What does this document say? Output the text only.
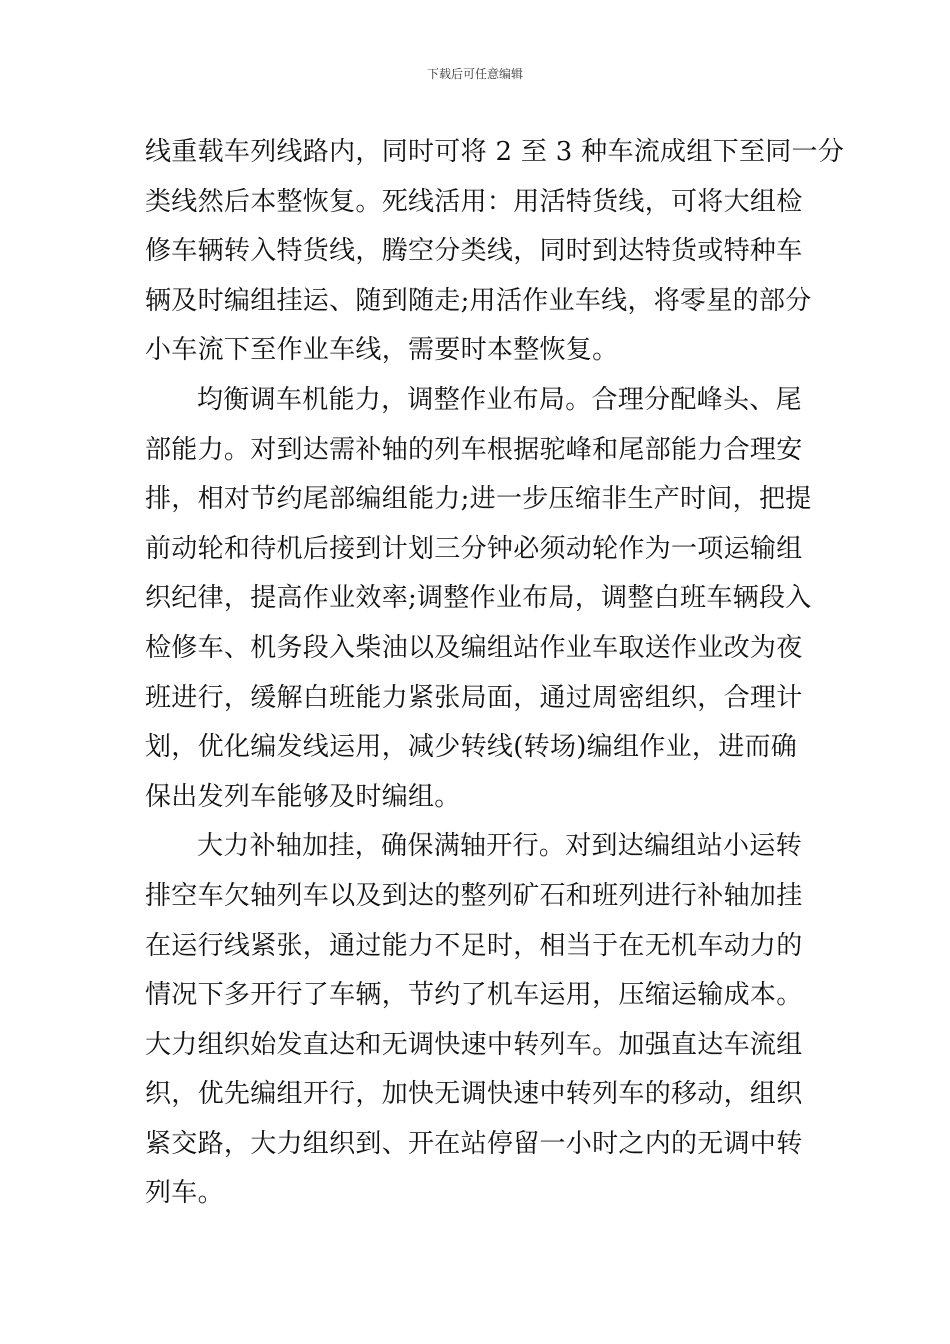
下载后可任意编辑
线重载车列线路内，同时可将 2 至 3 种车流成组下至同一分
类线然后本整恢复。死线活用：用活特货线，可将大组检
修车辆转入特货线，腾空分类线，同时到达特货或特种车
辆及时编组挂运、随到随走;用活作业车线，将零星的部分
小车流下至作业车线，需要时本整恢复。
均衡调车机能力，调整作业布局。合理分配峰头、尾
部能力。对到达需补轴的列车根据驼峰和尾部能力合理安
排，相对节约尾部编组能力;进一步压缩非生产时间，把提
前动轮和待机后接到计划三分钟必须动轮作为一项运输组
织纪律，提高作业效率;调整作业布局，调整白班车辆段入
检修车、机务段入柴油以及编组站作业车取送作业改为夜
班进行，缓解白班能力紧张局面，通过周密组织，合理计
划，优化编发线运用，减少转线(转场)编组作业，进而确
保出发列车能够及时编组。
大力补轴加挂，确保满轴开行。对到达编组站小运转
排空车欠轴列车以及到达的整列矿石和班列进行补轴加挂
在运行线紧张，通过能力不足时，相当于在无机车动力的
情况下多开行了车辆，节约了机车运用，压缩运输成本。
大力组织始发直达和无调快速中转列车。加强直达车流组
织，优先编组开行，加快无调快速中转列车的移动，组织
紧交路，大力组织到、开在站停留一小时之内的无调中转
列车。
